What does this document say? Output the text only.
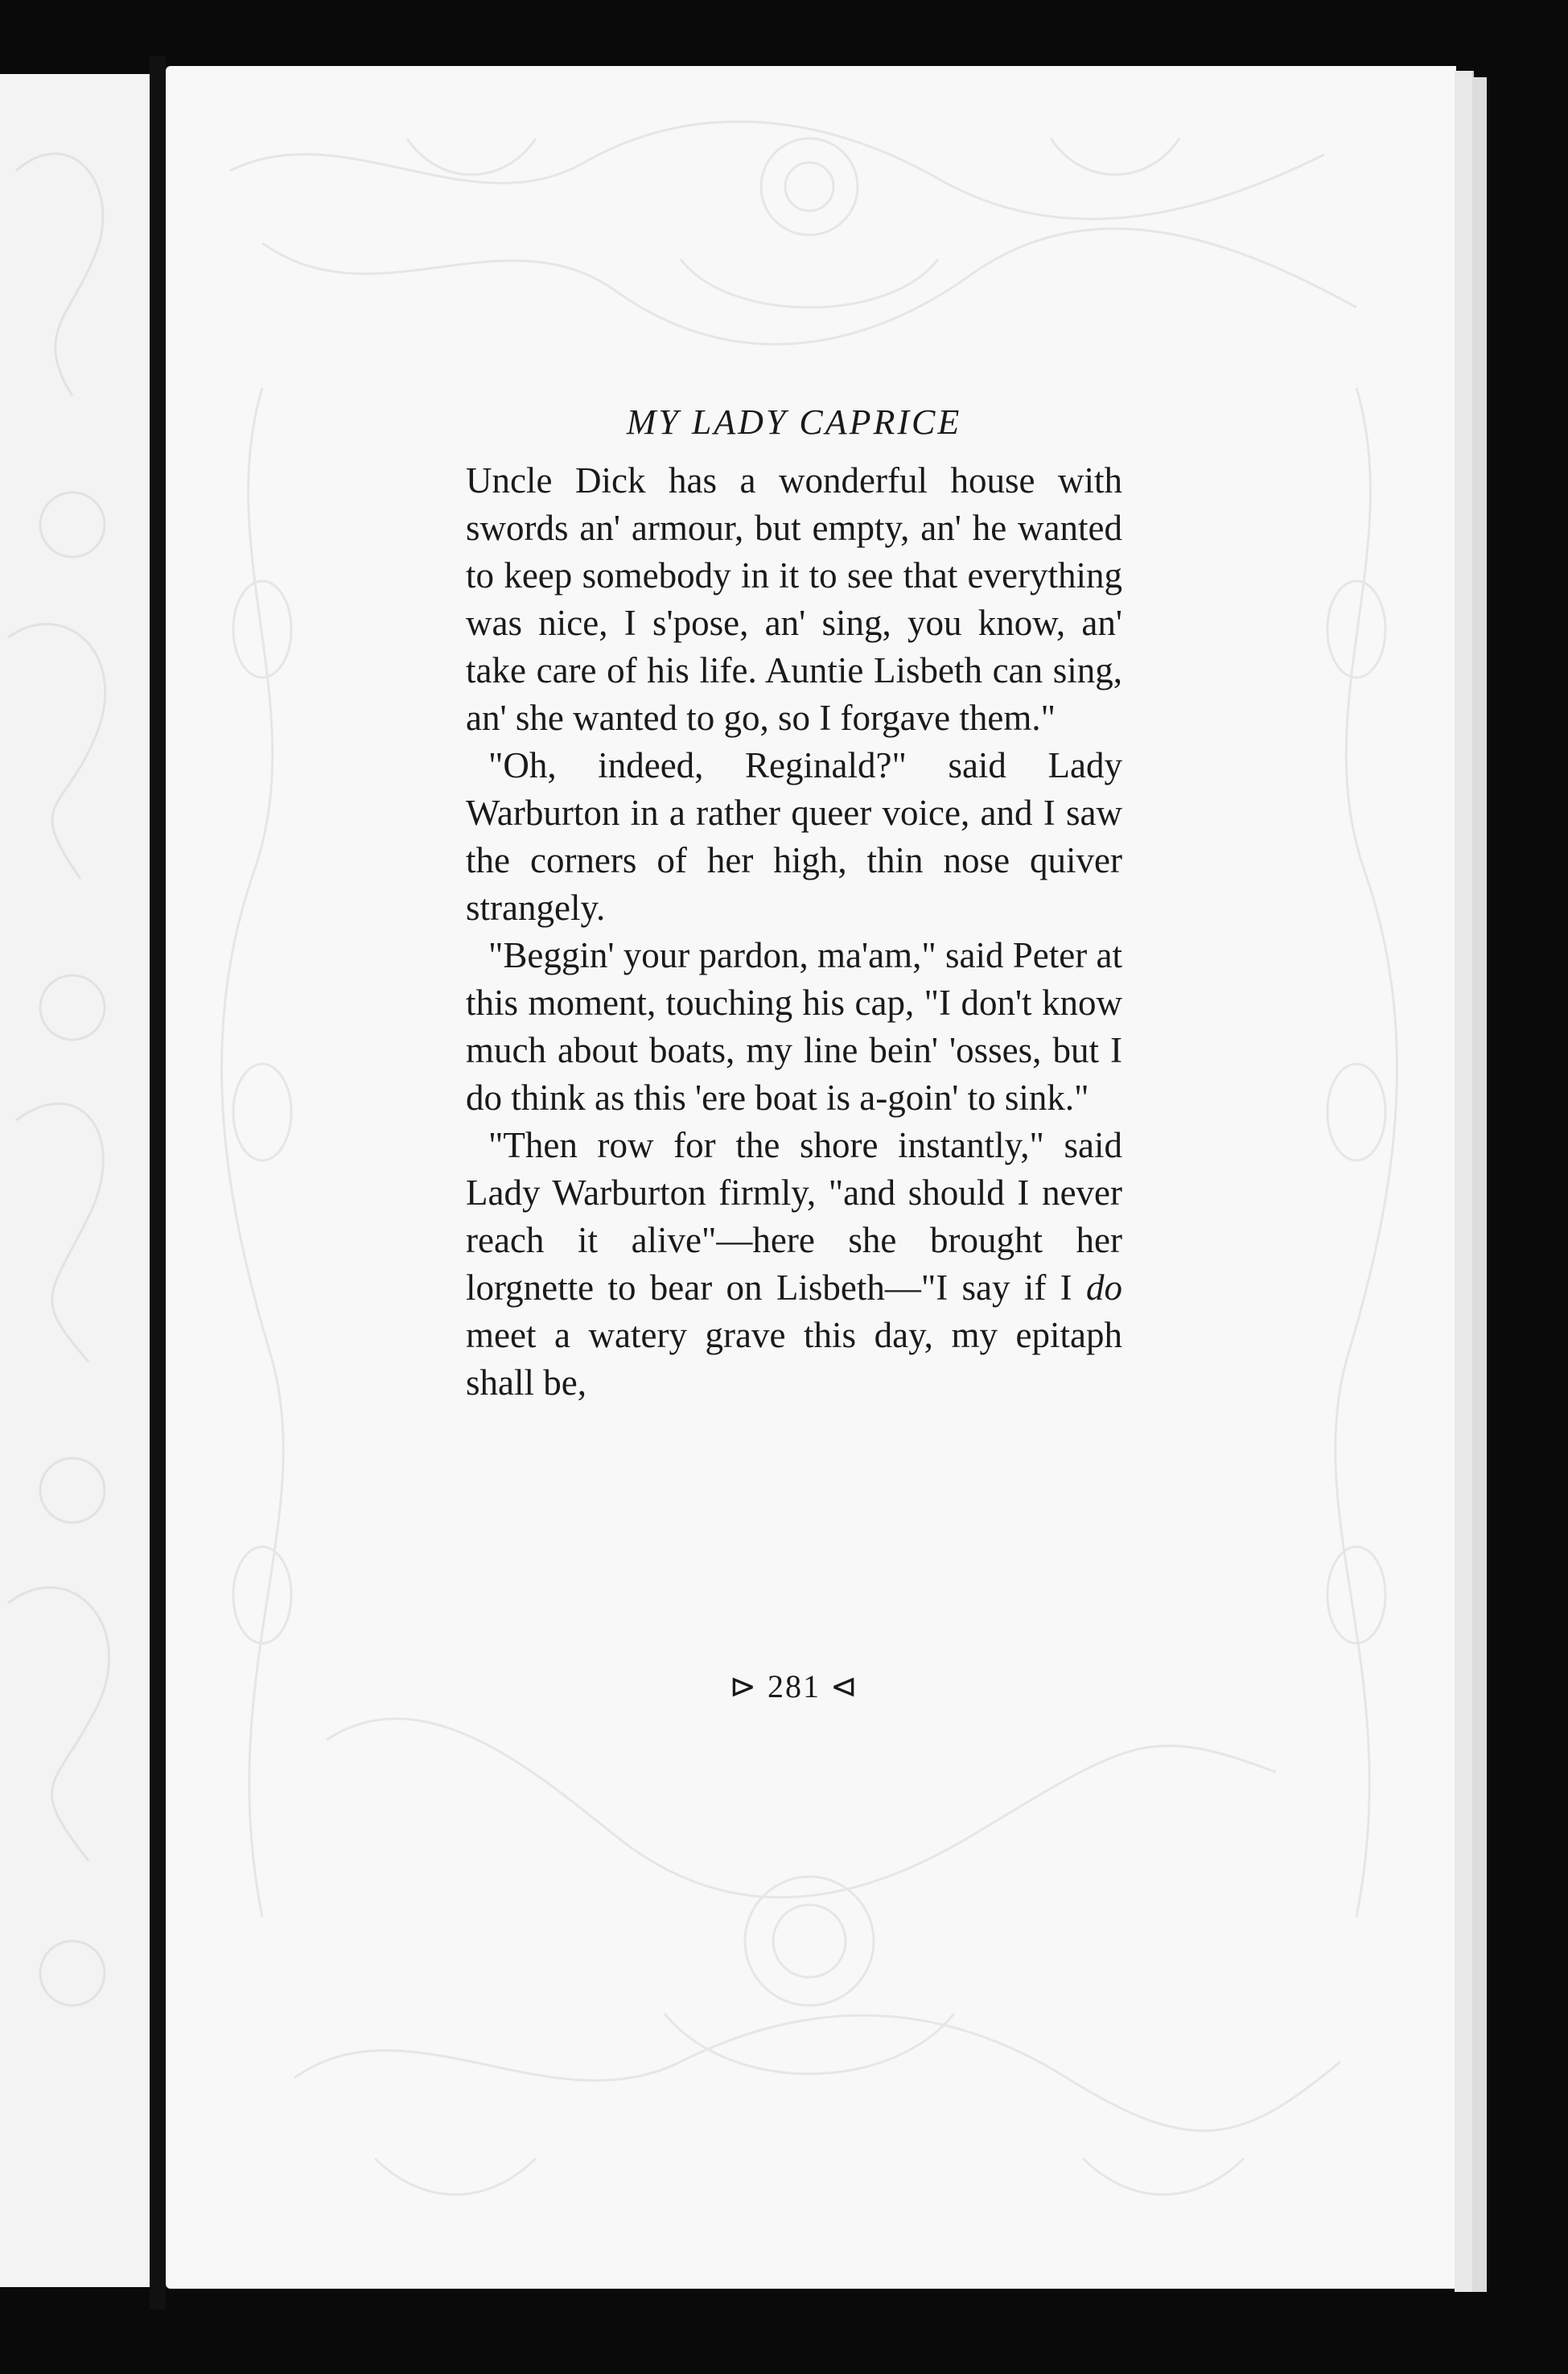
MY LADY CAPRICE

Uncle Dick has a wonderful house with swords an' armour, but empty, an' he wanted to keep somebody in it to see that everything was nice, I s'pose, an' sing, you know, an' take care of his life. Auntie Lisbeth can sing, an' she wanted to go, so I forgave them."

"Oh, indeed, Reginald?" said Lady Warburton in a rather queer voice, and I saw the corners of her high, thin nose quiver strangely.

"Beggin' your pardon, ma'am," said Peter at this moment, touching his cap, "I don't know much about boats, my line bein' 'osses, but I do think as this 'ere boat is a-goin' to sink."

"Then row for the shore instantly," said Lady Warburton firmly, "and should I never reach it alive"—here she brought her lorgnette to bear on Lisbeth—"I say if I do meet a watery grave this day, my epitaph shall be,

⊳ 281 ⊲
